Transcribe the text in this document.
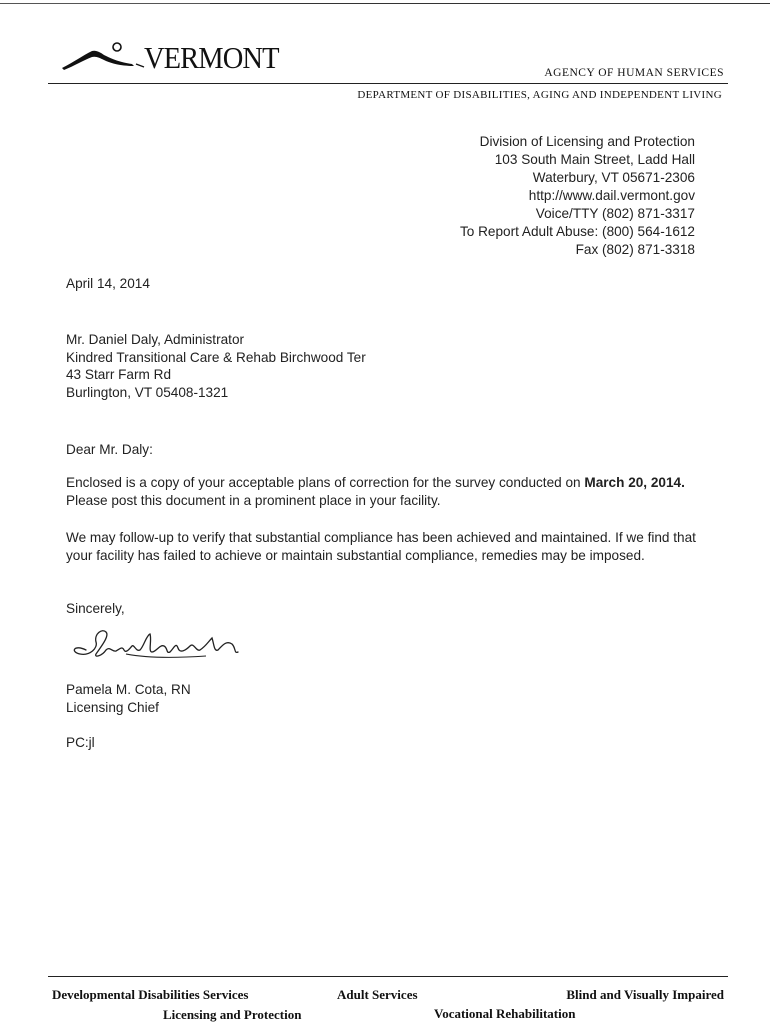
VERMONT	AGENCY OF HUMAN SERVICES
DEPARTMENT OF DISABILITIES, AGING AND INDEPENDENT LIVING
Division of Licensing and Protection
103 South Main Street, Ladd Hall
Waterbury, VT 05671-2306
http://www.dail.vermont.gov
Voice/TTY (802) 871-3317
To Report Adult Abuse: (800) 564-1612
Fax (802) 871-3318
April 14, 2014
Mr. Daniel Daly, Administrator
Kindred Transitional Care & Rehab Birchwood Ter
43 Starr Farm Rd
Burlington, VT 05408-1321
Dear Mr. Daly:
Enclosed is a copy of your acceptable plans of correction for the survey conducted on March 20, 2014. Please post this document in a prominent place in your facility.
We may follow-up to verify that substantial compliance has been achieved and maintained. If we find that your facility has failed to achieve or maintain substantial compliance, remedies may be imposed.
Sincerely,
Pamela M. Cota, RN
Licensing Chief
PC:jl
Developmental Disabilities Services	Adult Services	Blind and Visually Impaired
Licensing and Protection	Vocational Rehabilitation
